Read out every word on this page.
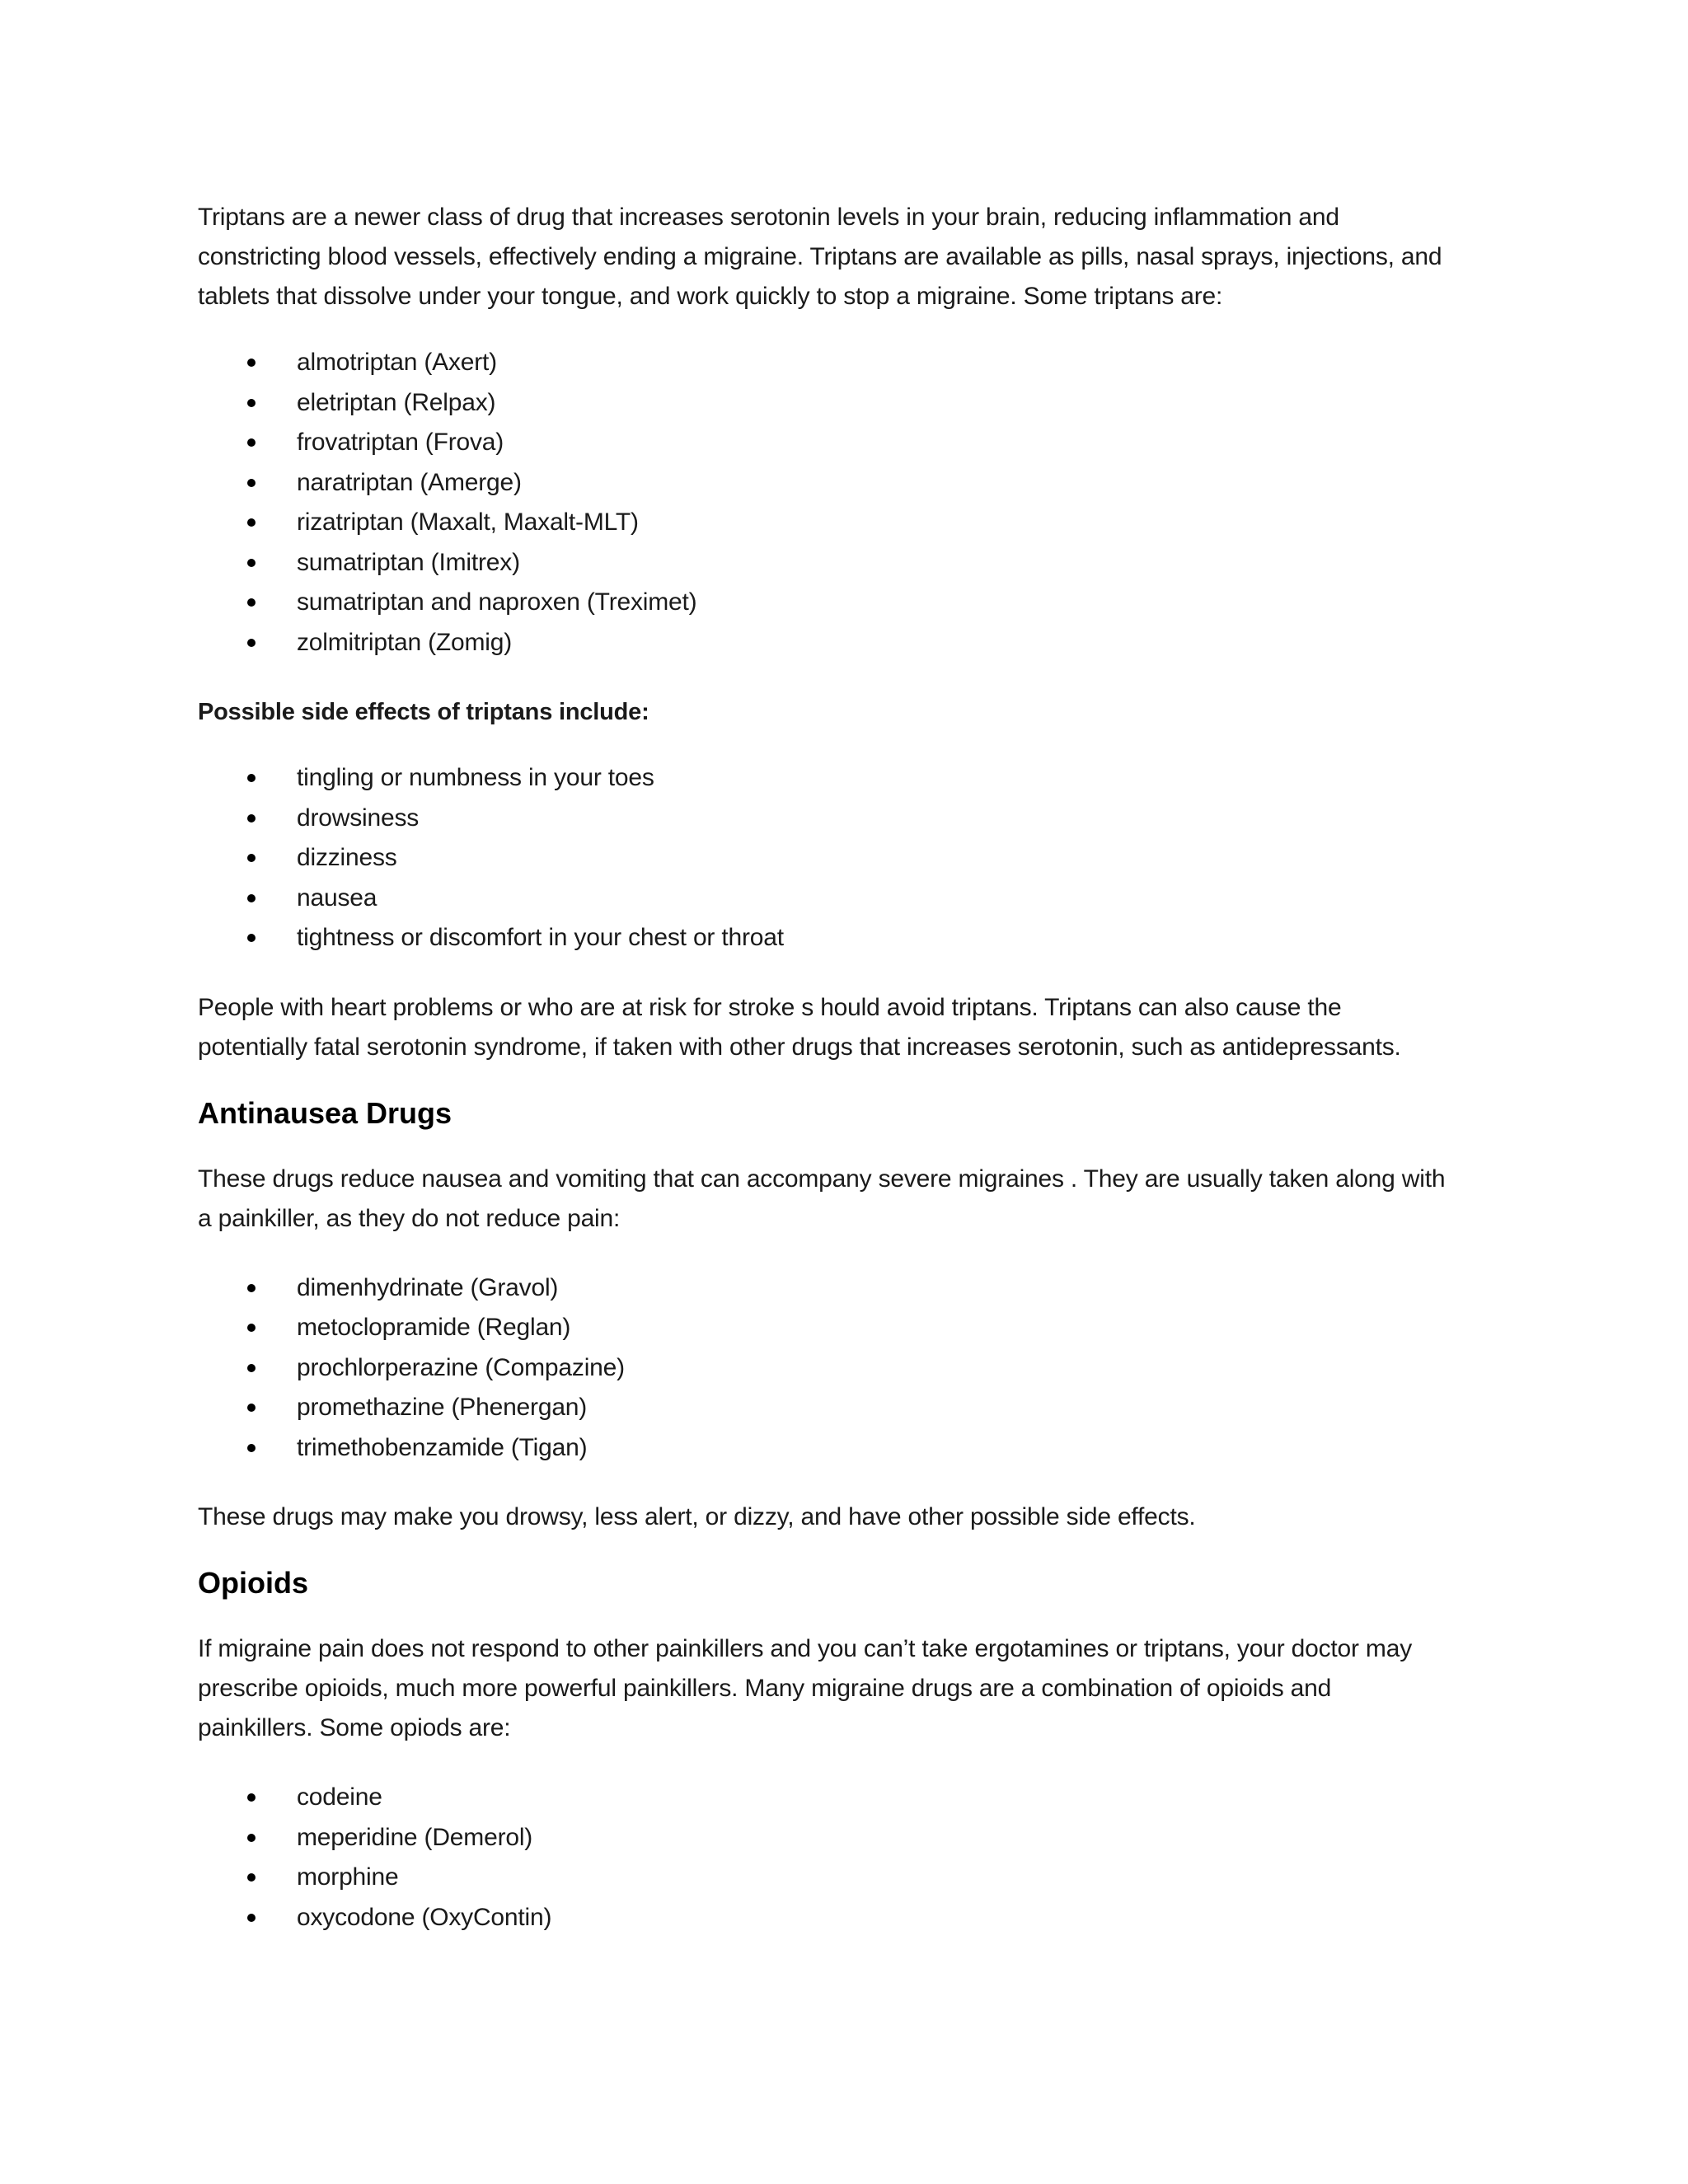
Triptans are a newer class of drug that increases serotonin levels in your brain, reducing inflammation and
constricting blood vessels, effectively ending a migraine. Triptans are available as pills, nasal sprays, injections, and
tablets that dissolve under your tongue, and work quickly to stop a migraine. Some triptans are:

almotriptan (Axert)
eletriptan (Relpax)
frovatriptan (Frova)
naratriptan (Amerge)
rizatriptan (Maxalt, Maxalt-MLT)
sumatriptan (Imitrex)
sumatriptan and naproxen (Treximet)
zolmitriptan (Zomig)

Possible side effects of triptans include:

tingling or numbness in your toes
drowsiness
dizziness
nausea
tightness or discomfort in your chest or throat

People with heart problems or who are at risk for stroke s hould avoid triptans. Triptans can also cause the
potentially fatal serotonin syndrome, if taken with other drugs that increases serotonin, such as antidepressants.

Antinausea Drugs

These drugs reduce nausea and vomiting that can accompany severe migraines . They are usually taken along with
a painkiller, as they do not reduce pain:

dimenhydrinate (Gravol)
metoclopramide (Reglan)
prochlorperazine (Compazine)
promethazine (Phenergan)
trimethobenzamide (Tigan)

These drugs may make you drowsy, less alert, or dizzy, and have other possible side effects.

Opioids

If migraine pain does not respond to other painkillers and you can’t take ergotamines or triptans, your doctor may
prescribe opioids, much more powerful painkillers. Many migraine drugs are a combination of opioids and
painkillers. Some opiods are:

codeine
meperidine (Demerol)
morphine
oxycodone (OxyContin)
